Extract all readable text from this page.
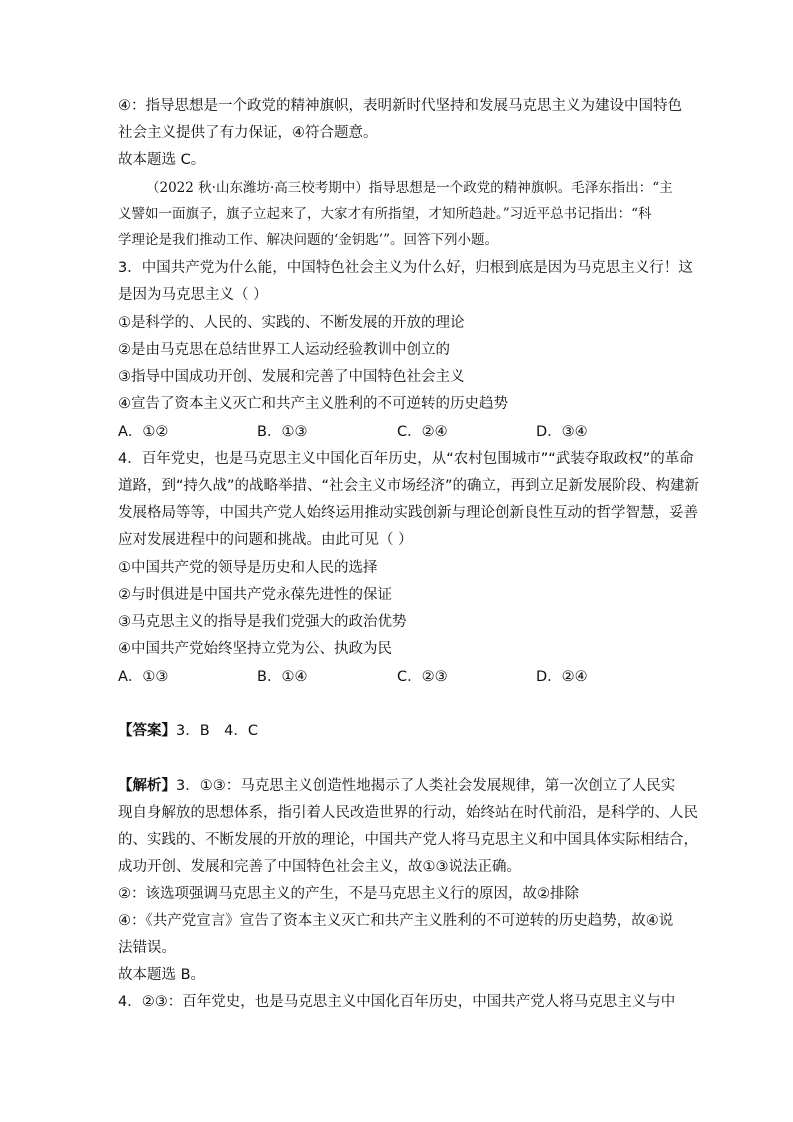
④：指导思想是一个政党的精神旗帜，表明新时代坚持和发展马克思主义为建设中国特色
社会主义提供了有力保证，④符合题意。
故本题选 C。
（2022 秋·山东潍坊·高三校考期中）指导思想是一个政党的精神旗帜。毛泽东指出：“主
义譬如一面旗子，旗子立起来了，大家才有所指望，才知所趋赴。”习近平总书记指出：“科
学理论是我们推动工作、解决问题的‘金钥匙’”。回答下列小题。
3．中国共产党为什么能，中国特色社会主义为什么好，归根到底是因为马克思主义行！这
是因为马克思主义（ ）
①是科学的、人民的、实践的、不断发展的开放的理论
②是由马克思在总结世界工人运动经验教训中创立的
③指导中国成功开创、发展和完善了中国特色社会主义
④宣告了资本主义灭亡和共产主义胜利的不可逆转的历史趋势
A．①②	B．①③	C．②④	D．③④
4．百年党史，也是马克思主义中国化百年历史，从“农村包围城市”“武装夺取政权”的革命
道路，到“持久战”的战略举措、“社会主义市场经济”的确立，再到立足新发展阶段、构建新
发展格局等等，中国共产党人始终运用推动实践创新与理论创新良性互动的哲学智慧，妥善
应对发展进程中的问题和挑战。由此可见（ ）
①中国共产党的领导是历史和人民的选择
②与时俱进是中国共产党永葆先进性的保证
③马克思主义的指导是我们党强大的政治优势
④中国共产党始终坚持立党为公、执政为民
A．①③	B．①④	C．②③	D．②④
【答案】3．B　4．C
【解析】3．①③：马克思主义创造性地揭示了人类社会发展规律，第一次创立了人民实
现自身解放的思想体系，指引着人民改造世界的行动，始终站在时代前沿，是科学的、人民
的、实践的、不断发展的开放的理论，中国共产党人将马克思主义和中国具体实际相结合，
成功开创、发展和完善了中国特色社会主义，故①③说法正确。
②：该选项强调马克思主义的产生，不是马克思主义行的原因，故②排除
④：《共产党宣言》宣告了资本主义灭亡和共产主义胜利的不可逆转的历史趋势，故④说
法错误。
故本题选 B。
4．②③：百年党史，也是马克思主义中国化百年历史，中国共产党人将马克思主义与中
